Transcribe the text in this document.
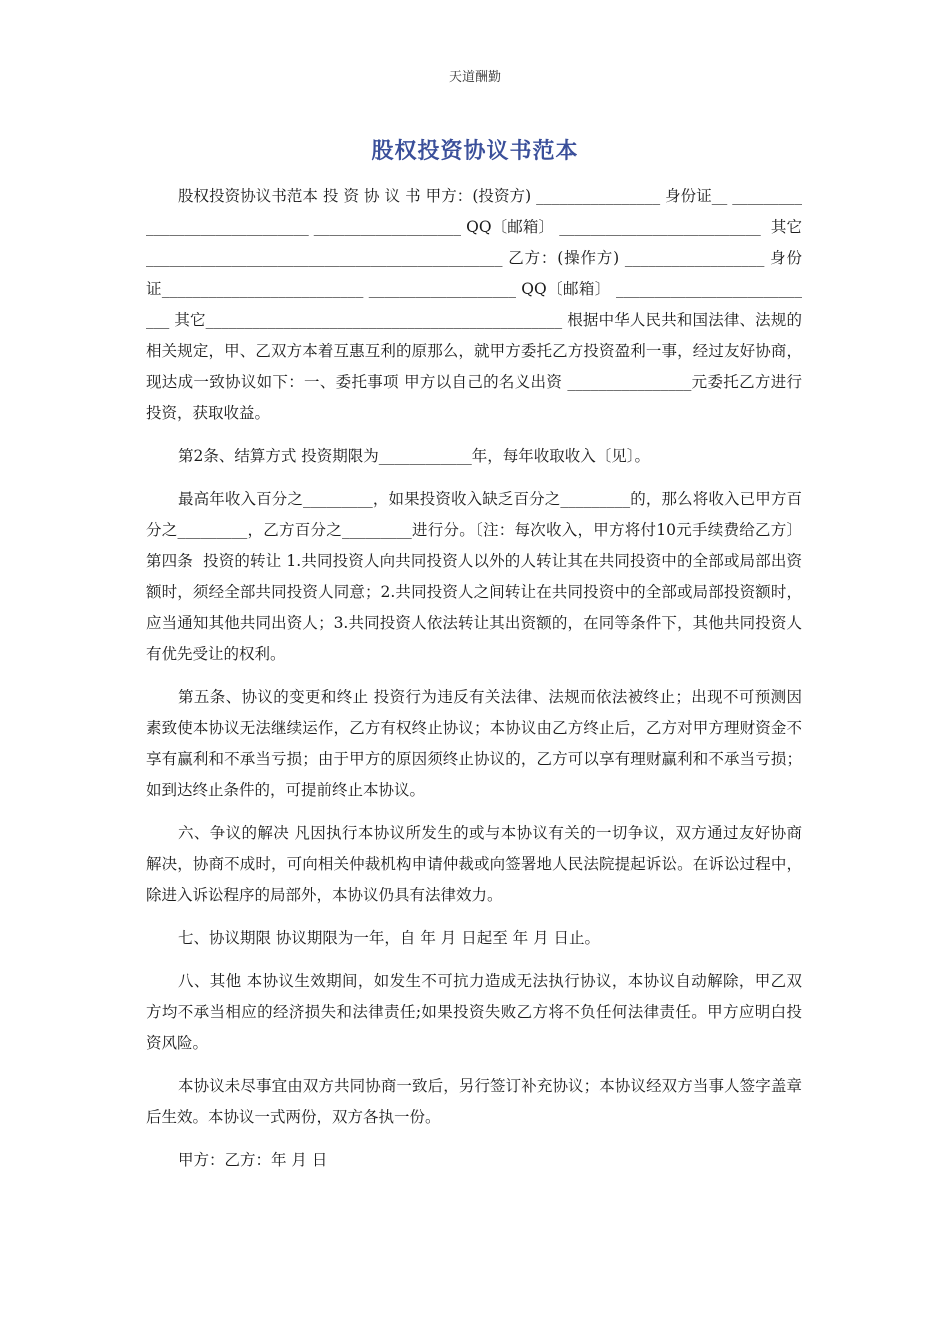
天道酬勤
股权投资协议书范本

股权投资协议书范本 投 资 协 议 书 甲方：(投资方) ________________ 身份证__ ______________________________ ___________________ QQ〔邮箱〕 __________________________  其它______________________________________________ 乙方：(操作方) __________________ 身份证__________________________ ___________________ QQ〔邮箱〕 ___________________________ 其它______________________________________________ 根据中华人民共和国法律、法规的相关规定，甲、乙双方本着互惠互利的原那么，就甲方委托乙方投资盈利一事，经过友好协商，现达成一致协议如下：一、委托事项 甲方以自己的名义出资 ________________元委托乙方进行投资，获取收益。

第2条、结算方式 投资期限为____________年，每年收取收入〔见〕。

最高年收入百分之_________，如果投资收入缺乏百分之_________的，那么将收入已甲方百分之_________，乙方百分之_________进行分。〔注：每次收入，甲方将付10元手续费给乙方〕第四条  投资的转让 1.共同投资人向共同投资人以外的人转让其在共同投资中的全部或局部出资额时，须经全部共同投资人同意；2.共同投资人之间转让在共同投资中的全部或局部投资额时，应当通知其他共同出资人；3.共同投资人依法转让其出资额的，在同等条件下，其他共同投资人有优先受让的权利。

第五条、协议的变更和终止 投资行为违反有关法律、法规而依法被终止；出现不可预测因素致使本协议无法继续运作，乙方有权终止协议；本协议由乙方终止后，乙方对甲方理财资金不享有赢利和不承当亏损；由于甲方的原因须终止协议的，乙方可以享有理财赢利和不承当亏损；如到达终止条件的，可提前终止本协议。

六、争议的解决 凡因执行本协议所发生的或与本协议有关的一切争议，双方通过友好协商解决，协商不成时，可向相关仲裁机构申请仲裁或向签署地人民法院提起诉讼。在诉讼过程中，除进入诉讼程序的局部外，本协议仍具有法律效力。

七、协议期限 协议期限为一年，自 年 月 日起至 年 月 日止。

八、其他 本协议生效期间，如发生不可抗力造成无法执行协议，本协议自动解除，甲乙双方均不承当相应的经济损失和法律责任;如果投资失败乙方将不负任何法律责任。甲方应明白投资风险。

本协议未尽事宜由双方共同协商一致后，另行签订补充协议；本协议经双方当事人签字盖章后生效。本协议一式两份，双方各执一份。

甲方：乙方：年 月 日
